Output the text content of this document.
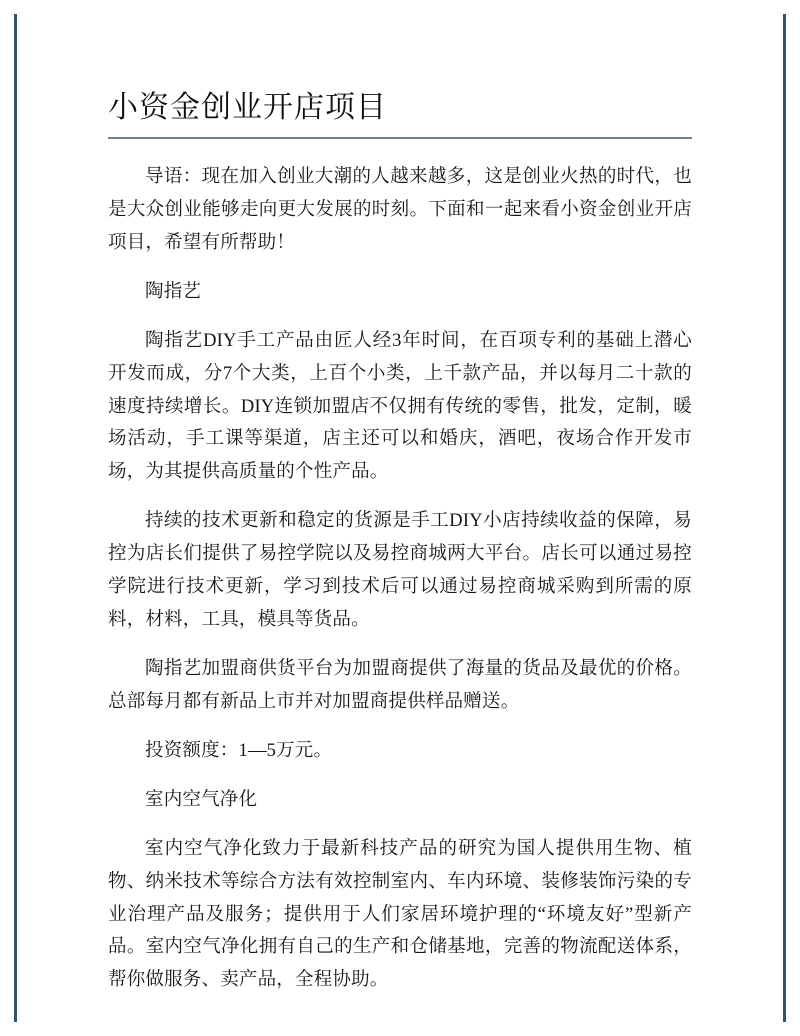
小资金创业开店项目

导语：现在加入创业大潮的人越来越多，这是创业火热的时代，也是大众创业能够走向更大发展的时刻。下面和一起来看小资金创业开店项目，希望有所帮助！

陶指艺

陶指艺DIY手工产品由匠人经3年时间，在百项专利的基础上潜心开发而成，分7个大类，上百个小类，上千款产品，并以每月二十款的速度持续增长。DIY连锁加盟店不仅拥有传统的零售，批发，定制，暖场活动，手工课等渠道，店主还可以和婚庆，酒吧，夜场合作开发市场，为其提供高质量的个性产品。

持续的技术更新和稳定的货源是手工DIY小店持续收益的保障，易控为店长们提供了易控学院以及易控商城两大平台。店长可以通过易控学院进行技术更新，学习到技术后可以通过易控商城采购到所需的原料，材料，工具，模具等货品。

陶指艺加盟商供货平台为加盟商提供了海量的货品及最优的价格。总部每月都有新品上市并对加盟商提供样品赠送。

投资额度：1—5万元。

室内空气净化

室内空气净化致力于最新科技产品的研究为国人提供用生物、植物、纳米技术等综合方法有效控制室内、车内环境、装修装饰污染的专业治理产品及服务；提供用于人们家居环境护理的“环境友好”型新产品。室内空气净化拥有自己的生产和仓储基地，完善的物流配送体系，帮你做服务、卖产品，全程协助。
